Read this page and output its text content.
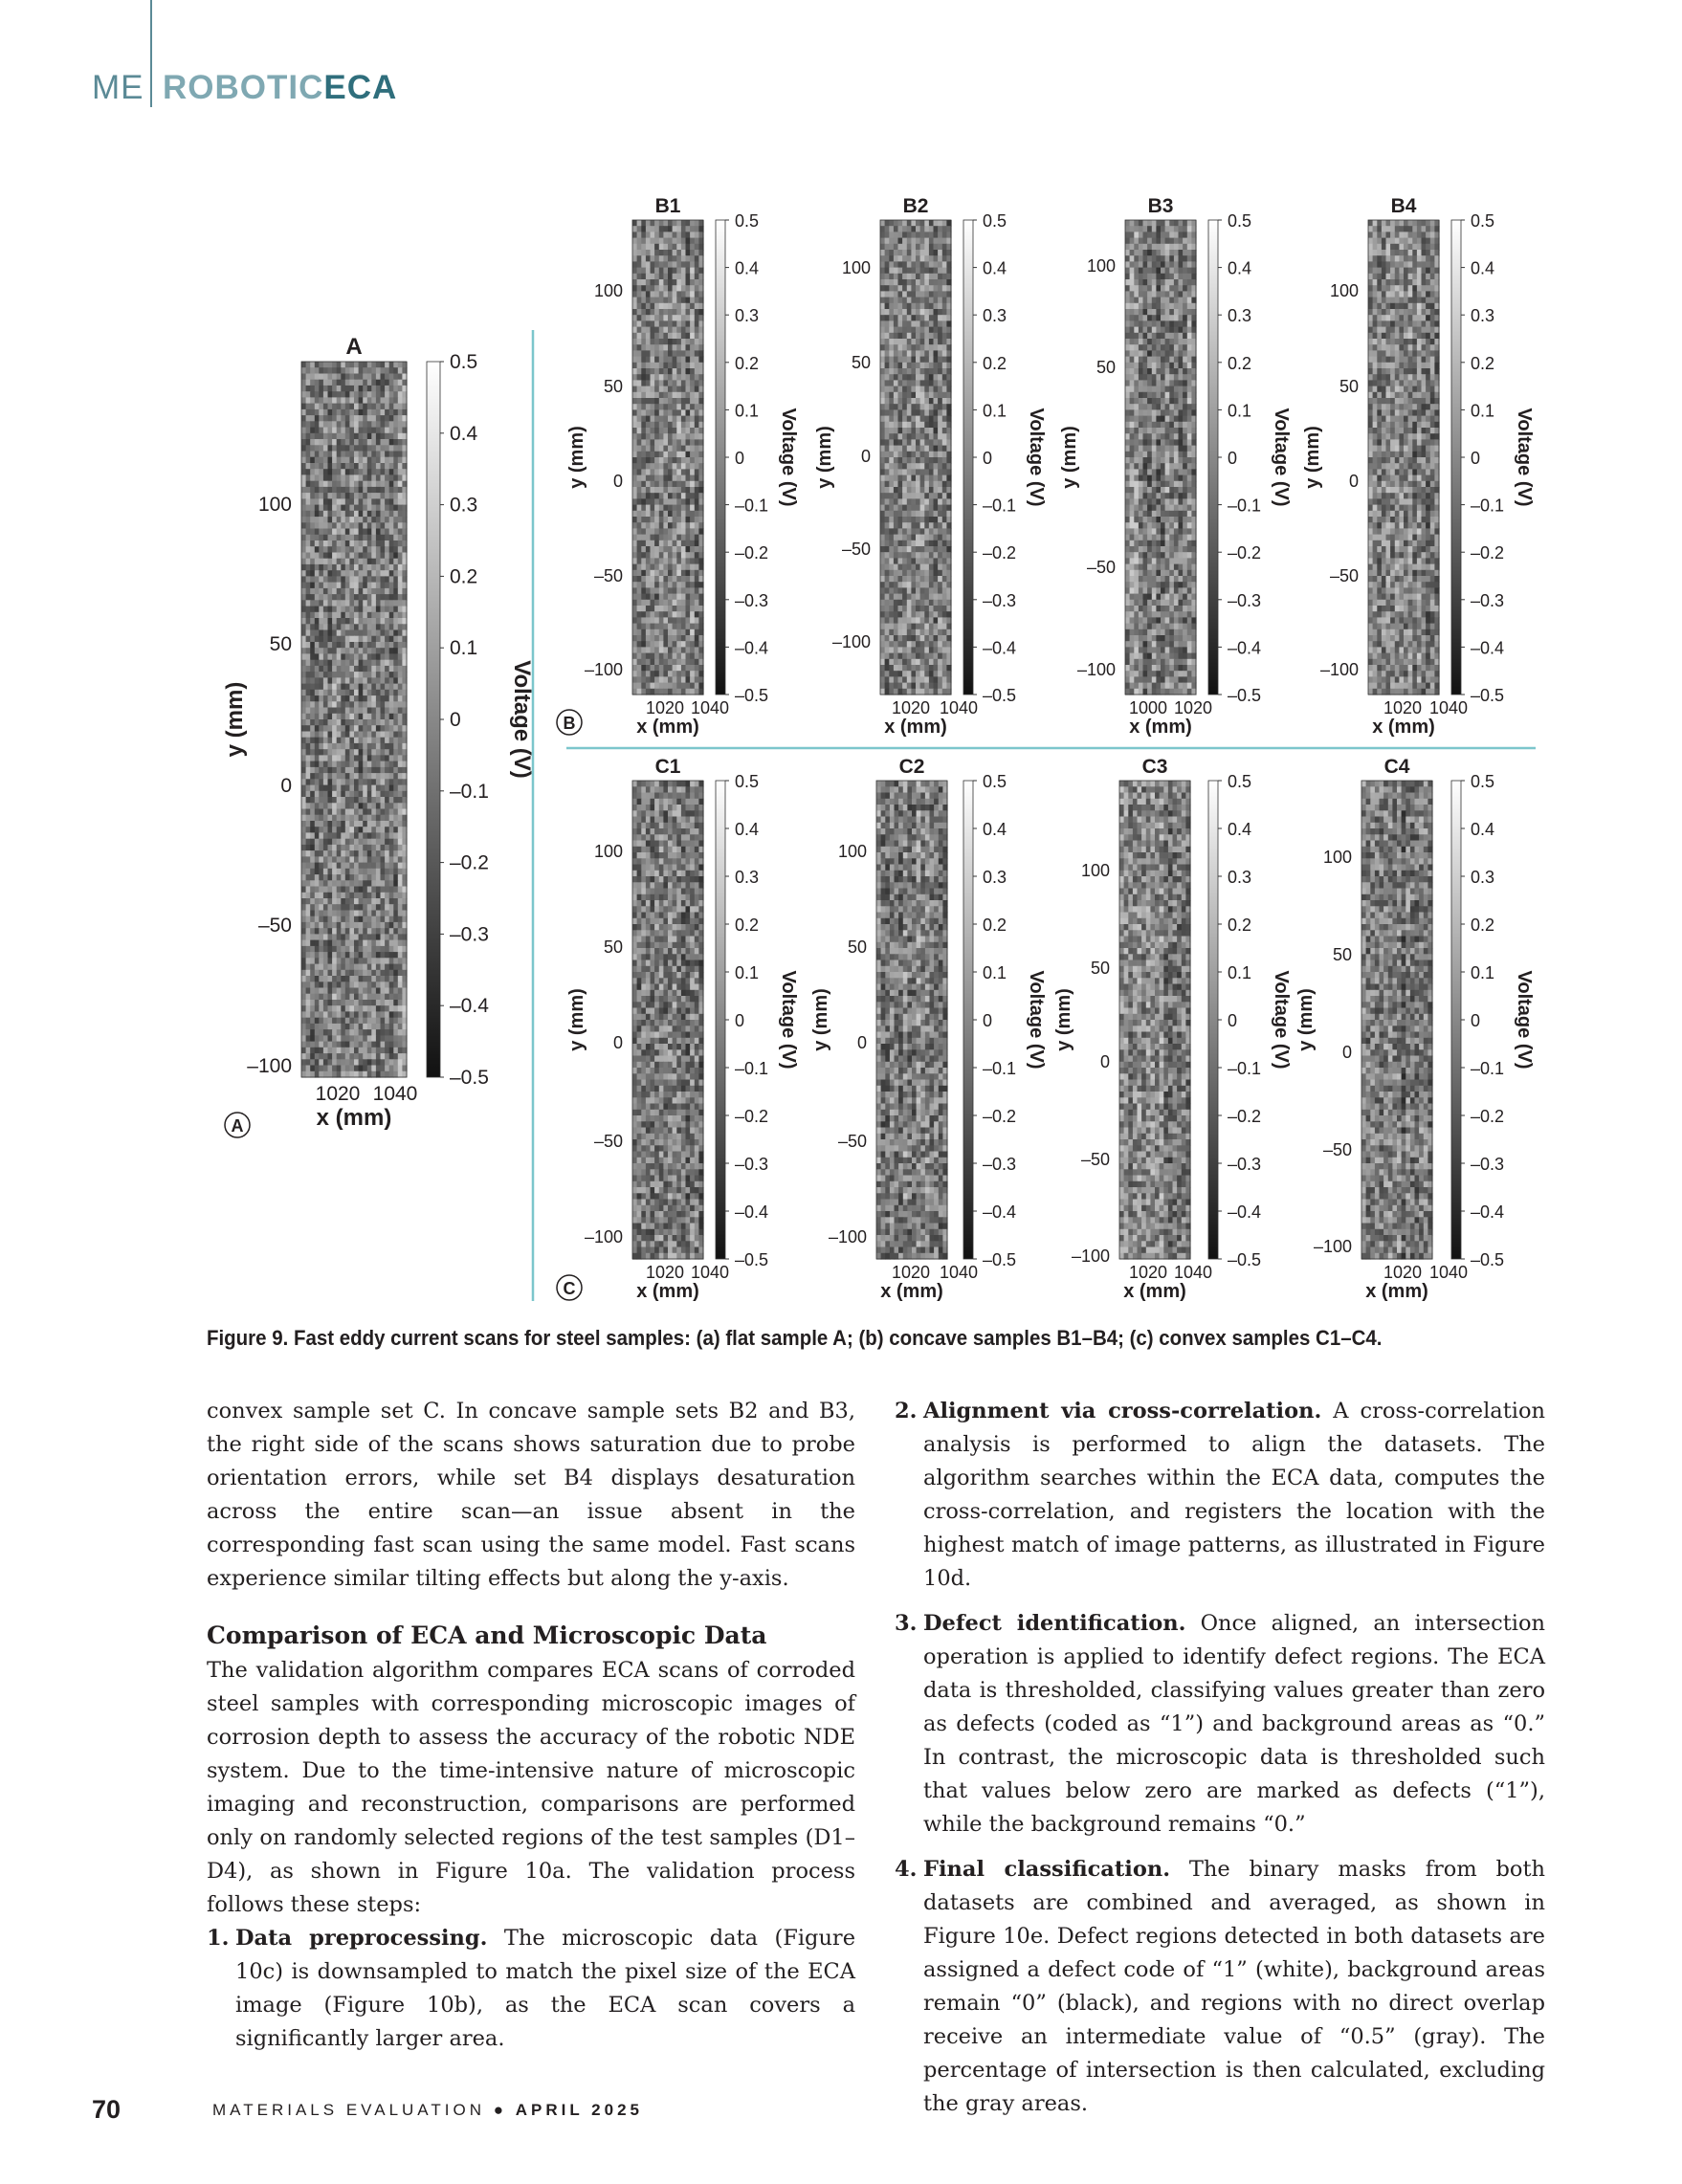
ME ROBOTICECA
A
100
50
0
–50
–100
y (mm)
1020 1040
x (mm)
0.5
0.4
0.3
0.2
0.1
0
–0.1
–0.2
–0.3
–0.4
–0.5
Voltage (V)
B1
100
50
0
–50
–100
y (mm)
1020 1040
x (mm)
0.5
0.4
0.3
0.2
0.1
0
–0.1
–0.2
–0.3
–0.4
–0.5
Voltage (V)
B2
100
50
0
–50
–100
y (mm)
1020 1040
x (mm)
0.5
0.4
0.3
0.2
0.1
0
–0.1
–0.2
–0.3
–0.4
–0.5
Voltage (V)
B3
100
50
–50
–100
y (mm)
1000 1020
x (mm)
0.5
0.4
0.3
0.2
0.1
0
–0.1
–0.2
–0.3
–0.4
–0.5
Voltage (V)
B4
100
50
0
–50
–100
y (mm)
1020 1040
x (mm)
0.5
0.4
0.3
0.2
0.1
0
–0.1
–0.2
–0.3
–0.4
–0.5
Voltage (V)
C1
100
50
0
–50
–100
y (mm)
1020 1040
x (mm)
0.5
0.4
0.3
0.2
0.1
0
–0.1
–0.2
–0.3
–0.4
–0.5
Voltage (V)
C2
100
50
0
–50
–100
y (mm)
1020 1040
x (mm)
0.5
0.4
0.3
0.2
0.1
0
–0.1
–0.2
–0.3
–0.4
–0.5
Voltage (V)
C3
100
50
0
–50
–100
y (mm)
1020 1040
x (mm)
0.5
0.4
0.3
0.2
0.1
0
–0.1
–0.2
–0.3
–0.4
–0.5
Voltage (V)
C4
100
50
0
–50
–100
y (mm)
1020 1040
x (mm)
0.5
0.4
0.3
0.2
0.1
0
–0.1
–0.2
–0.3
–0.4
–0.5
Voltage (V)
A
B
C
Figure 9. Fast eddy current scans for steel samples: (a) flat sample A; (b) concave samples B1–B4; (c) convex samples C1–C4.

convex sample set C. In concave sample sets B2 and B3, the right side of the scans shows saturation due to probe orientation errors, while set B4 displays desaturation across the entire scan—an issue absent in the corresponding fast scan using the same model. Fast scans experience similar tilting effects but along the y-axis.

Comparison of ECA and Microscopic Data

The validation algorithm compares ECA scans of corroded steel samples with corresponding microscopic images of corrosion depth to assess the accuracy of the robotic NDE system. Due to the time-intensive nature of microscopic imaging and reconstruction, comparisons are performed only on randomly selected regions of the test samples (D1–D4), as shown in Figure 10a. The validation process follows these steps:

1. Data preprocessing. The microscopic data (Figure 10c) is downsampled to match the pixel size of the ECA image (Figure 10b), as the ECA scan covers a significantly larger area.
2. Alignment via cross-correlation. A cross-correlation analysis is performed to align the datasets. The algorithm searches within the ECA data, computes the cross-correlation, and registers the location with the highest match of image patterns, as illustrated in Figure 10d.
3. Defect identification. Once aligned, an intersection operation is applied to identify defect regions. The ECA data is thresholded, classifying values greater than zero as defects (coded as “1”) and background areas as “0.” In contrast, the microscopic data is thresholded such that values below zero are marked as defects (“1”), while the background remains “0.”
4. Final classification. The binary masks from both datasets are combined and averaged, as shown in Figure 10e. Defect regions detected in both datasets are assigned a defect code of “1” (white), background areas remain “0” (black), and regions with no direct overlap receive an intermediate value of “0.5” (gray). The percentage of intersection is then calculated, excluding the gray areas.
70	MATERIALS EVALUATION ● APRIL 2025
